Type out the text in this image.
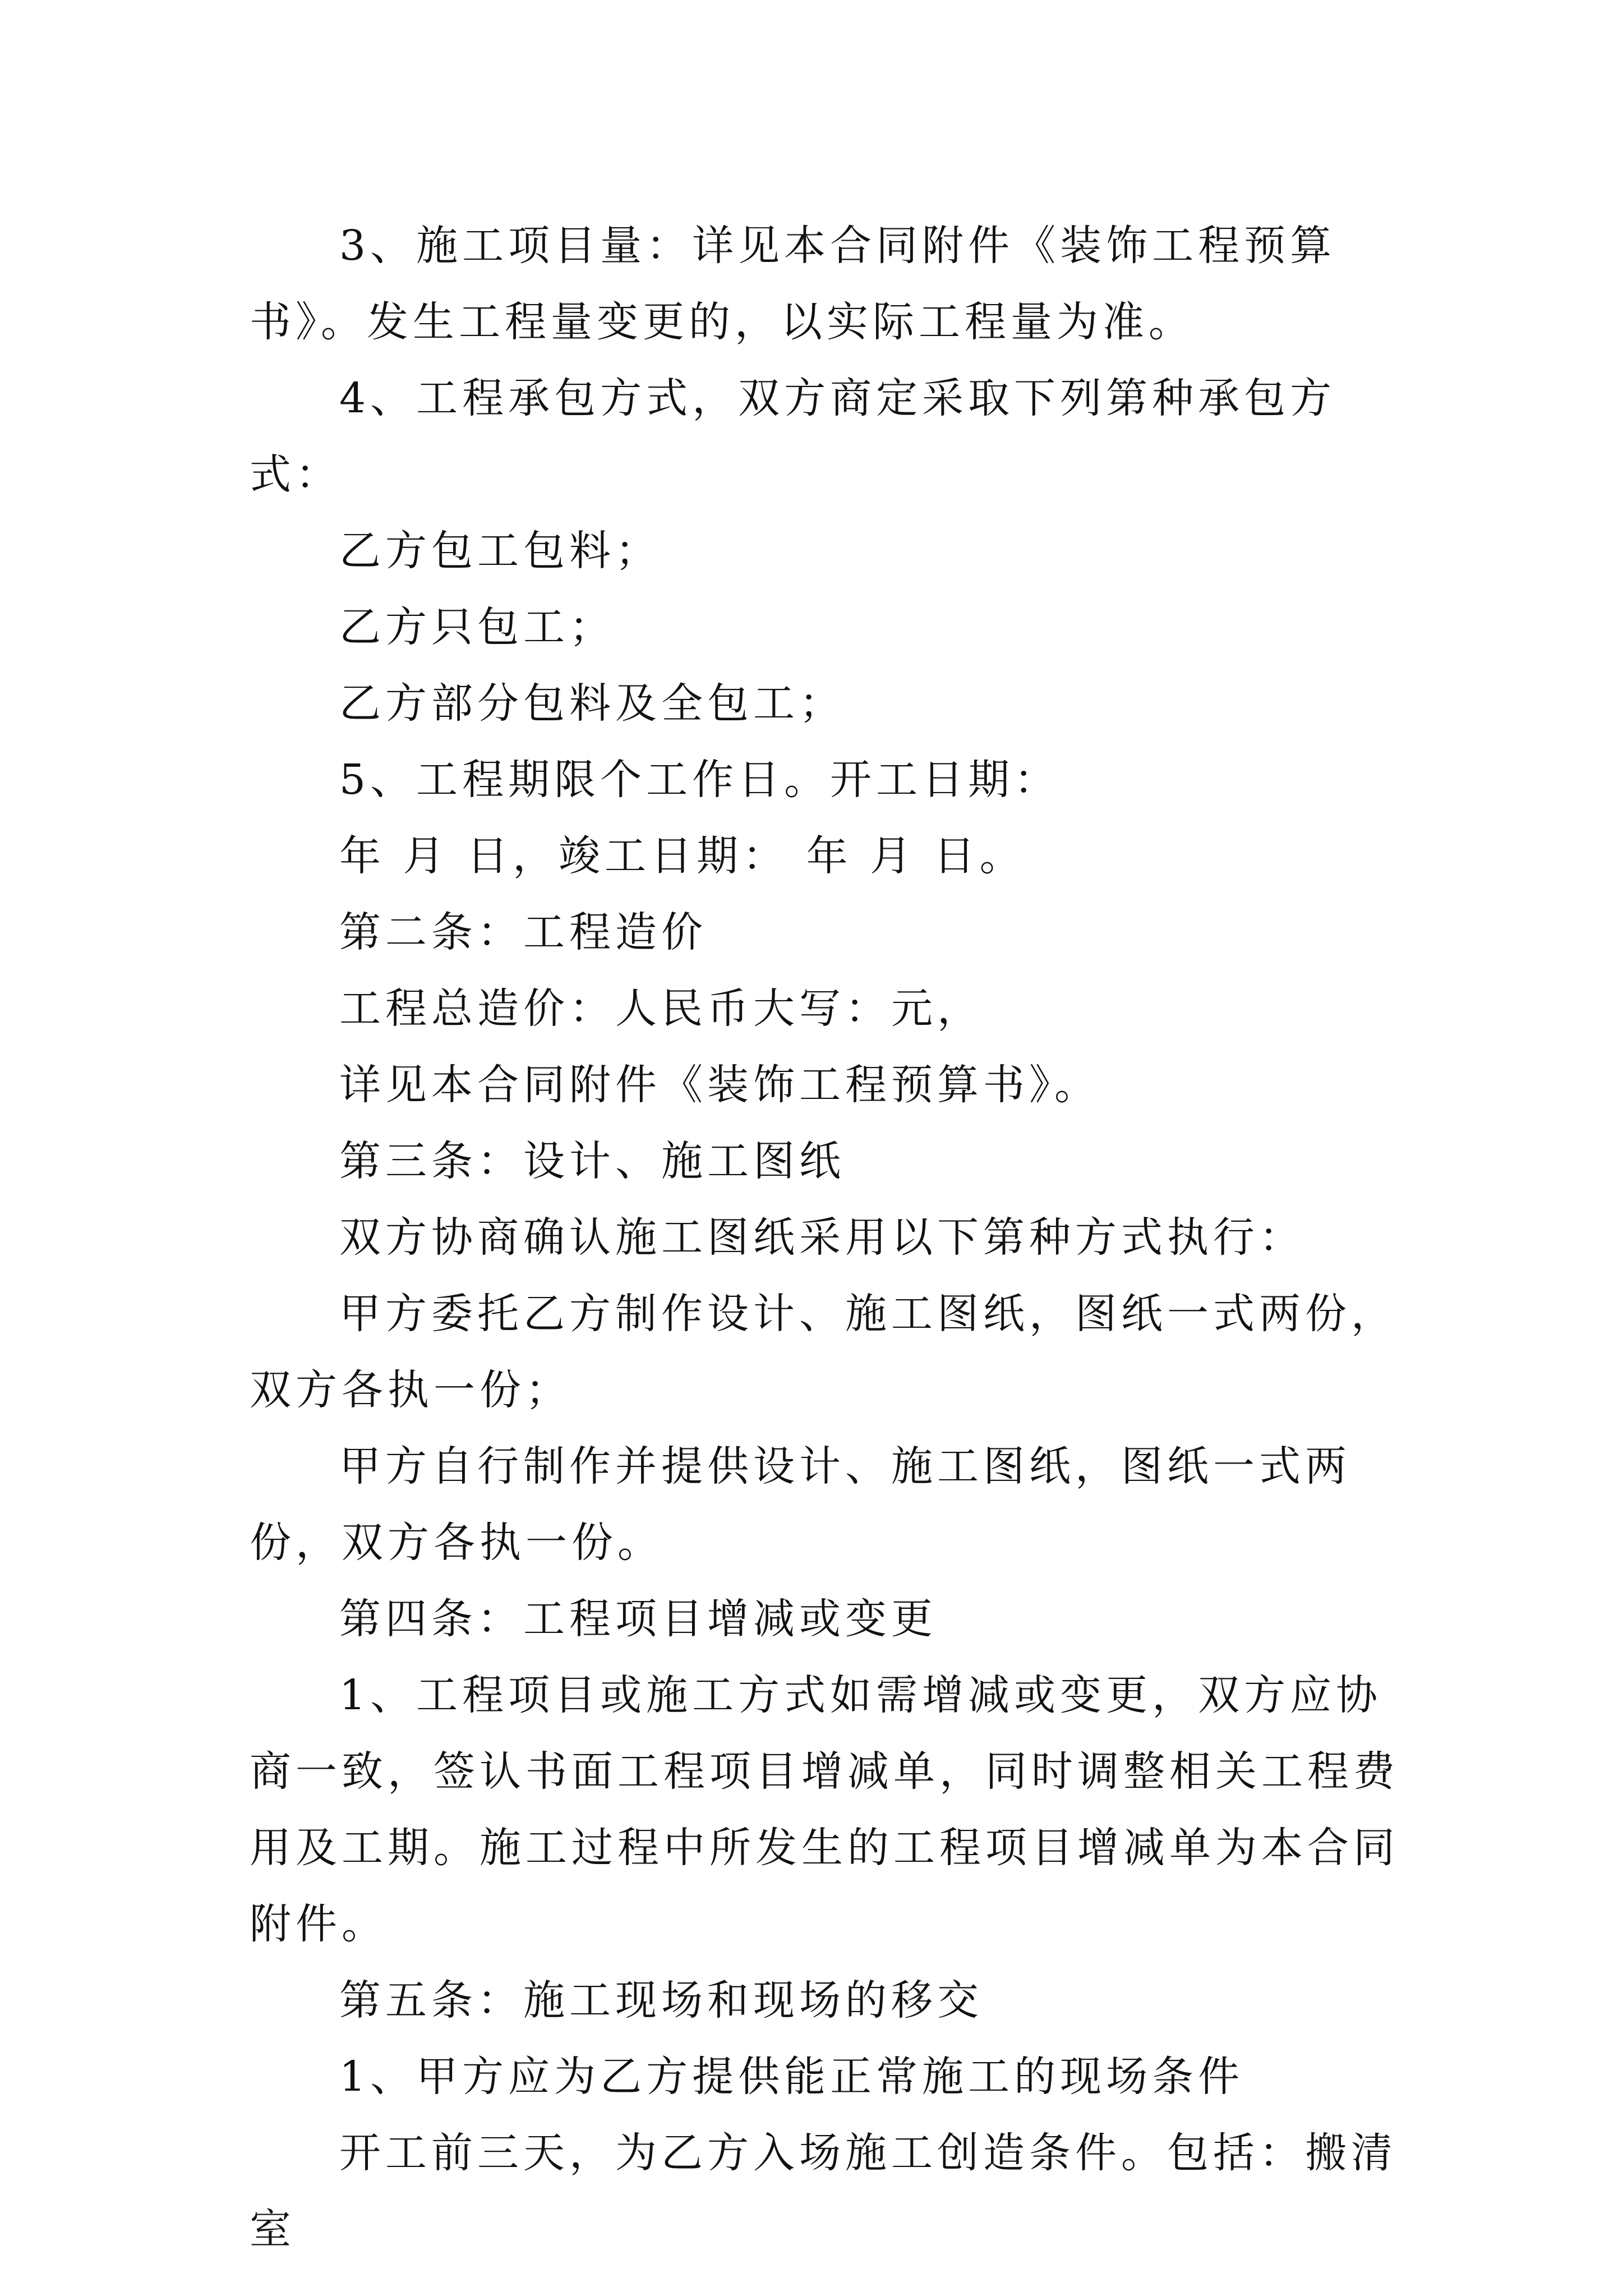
3、施工项目量：详见本合同附件《装饰工程预算书》。发生工程量变更的，以实际工程量为准。

4、工程承包方式，双方商定采取下列第种承包方式：

乙方包工包料；

乙方只包工；

乙方部分包料及全包工；

5、工程期限个工作日。开工日期：

年 月 日，竣工日期： 年 月 日。

第二条：工程造价

工程总造价：人民币大写：元，

详见本合同附件《装饰工程预算书》。

第三条：设计、施工图纸

双方协商确认施工图纸采用以下第种方式执行：

甲方委托乙方制作设计、施工图纸，图纸一式两份，双方各执一份；

甲方自行制作并提供设计、施工图纸，图纸一式两份，双方各执一份。

第四条：工程项目增减或变更

1、工程项目或施工方式如需增减或变更，双方应协商一致，签认书面工程项目增减单，同时调整相关工程费用及工期。施工过程中所发生的工程项目增减单为本合同附件。

第五条：施工现场和现场的移交

1、甲方应为乙方提供能正常施工的现场条件

开工前三天，为乙方入场施工创造条件。包括：搬清室
